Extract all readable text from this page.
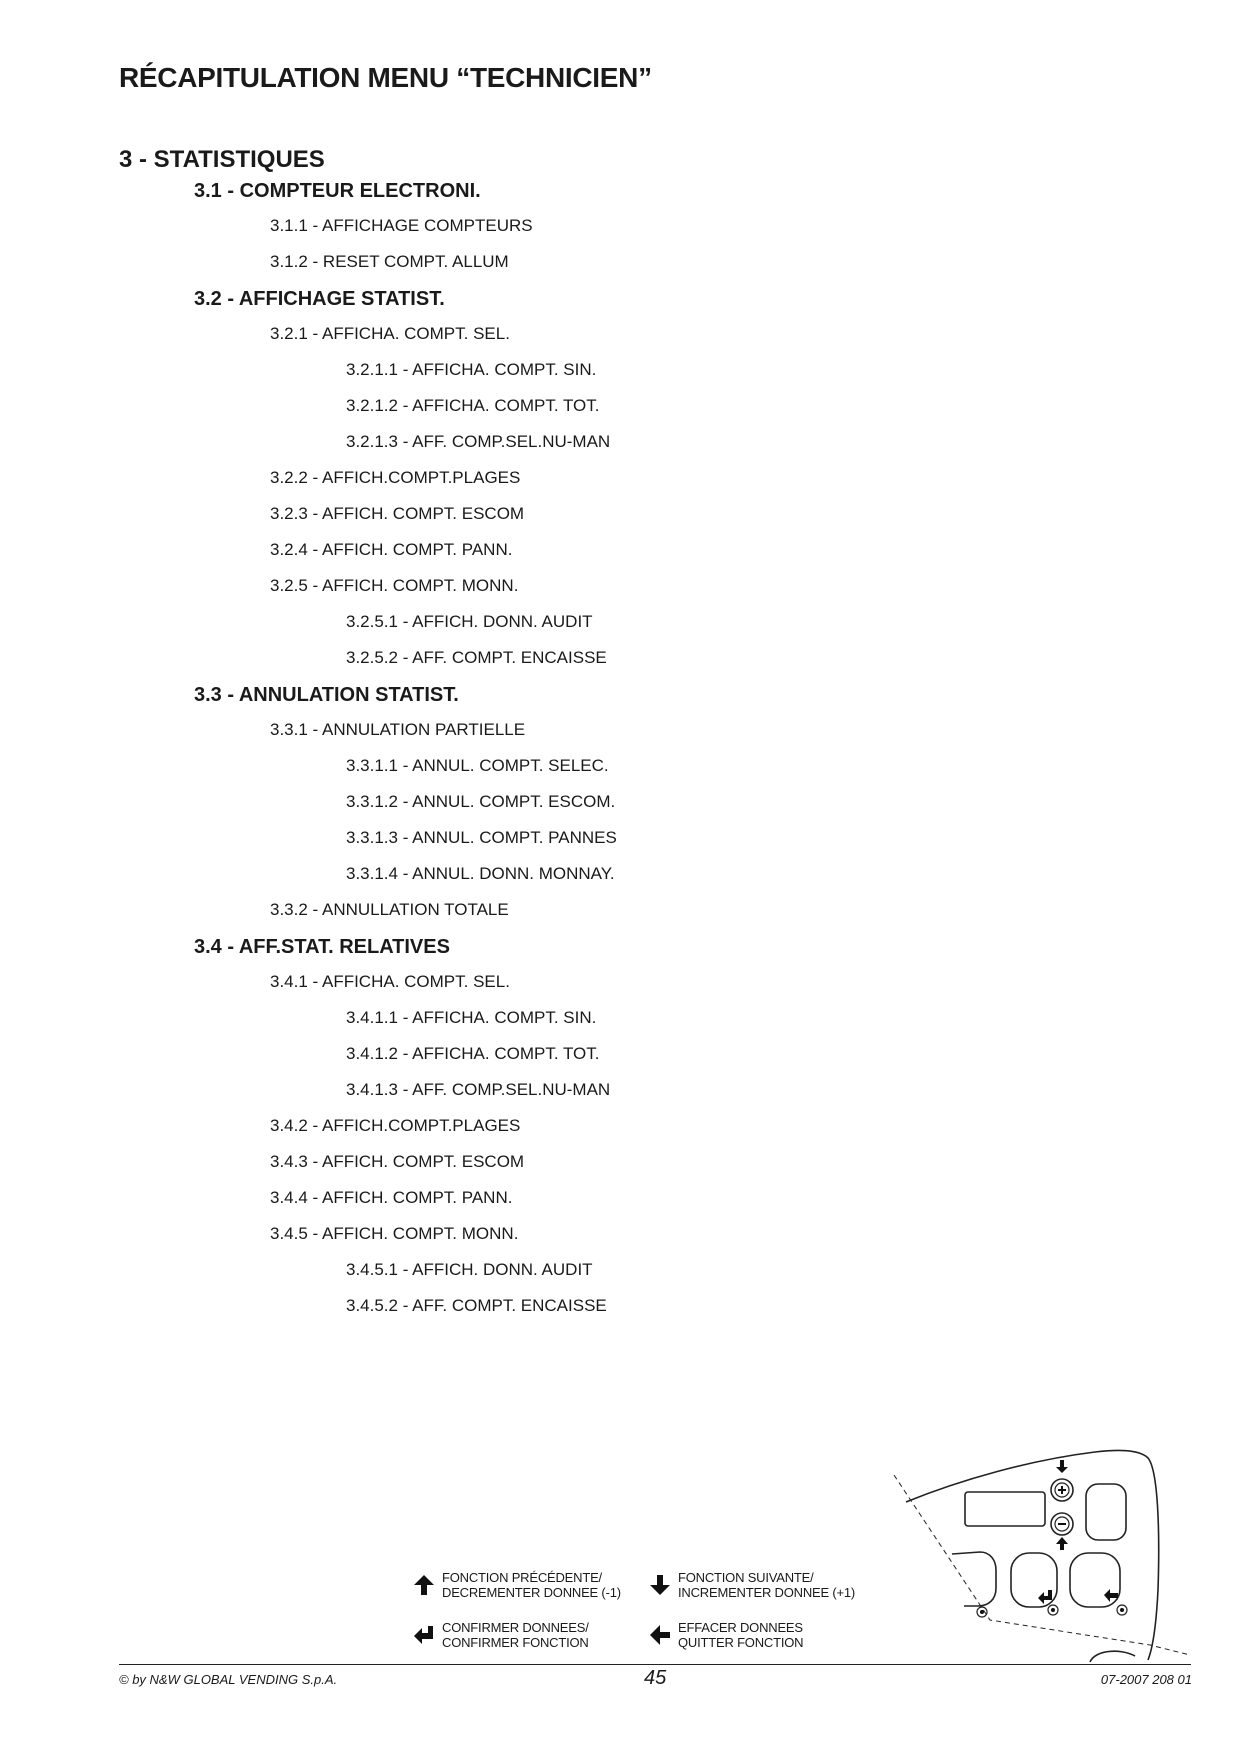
RÉCAPITULATION MENU “TECHNICIEN”
3 - STATISTIQUES
3.1 - COMPTEUR ELECTRONI.
3.1.1 - AFFICHAGE COMPTEURS
3.1.2 - RESET COMPT. ALLUM
3.2 - AFFICHAGE STATIST.
3.2.1 - AFFICHA. COMPT. SEL.
3.2.1.1 - AFFICHA. COMPT. SIN.
3.2.1.2 - AFFICHA. COMPT. TOT.
3.2.1.3 - AFF. COMP.SEL.NU-MAN
3.2.2 - AFFICH.COMPT.PLAGES
3.2.3 - AFFICH. COMPT. ESCOM
3.2.4 - AFFICH. COMPT. PANN.
3.2.5 - AFFICH. COMPT. MONN.
3.2.5.1 - AFFICH. DONN. AUDIT
3.2.5.2 - AFF. COMPT. ENCAISSE
3.3 - ANNULATION STATIST.
3.3.1 - ANNULATION PARTIELLE
3.3.1.1 - ANNUL. COMPT. SELEC.
3.3.1.2 - ANNUL. COMPT. ESCOM.
3.3.1.3 - ANNUL. COMPT. PANNES
3.3.1.4 - ANNUL. DONN. MONNAY.
3.3.2 - ANNULLATION TOTALE
3.4 - AFF.STAT. RELATIVES
3.4.1 - AFFICHA. COMPT. SEL.
3.4.1.1 - AFFICHA. COMPT. SIN.
3.4.1.2 - AFFICHA. COMPT. TOT.
3.4.1.3 - AFF. COMP.SEL.NU-MAN
3.4.2 - AFFICH.COMPT.PLAGES
3.4.3 - AFFICH. COMPT. ESCOM
3.4.4 - AFFICH. COMPT. PANN.
3.4.5 - AFFICH. COMPT. MONN.
3.4.5.1 - AFFICH. DONN. AUDIT
3.4.5.2 - AFF. COMPT. ENCAISSE
FONCTION PRÉCÉDENTE/
DECREMENTER DONNEE (-1)
FONCTION SUIVANTE/
INCREMENTER DONNEE (+1)
CONFIRMER DONNEES/
CONFIRMER FONCTION
EFFACER DONNEES
QUITTER FONCTION
© by N&W GLOBAL VENDING S.p.A.	45	07-2007 208 01
